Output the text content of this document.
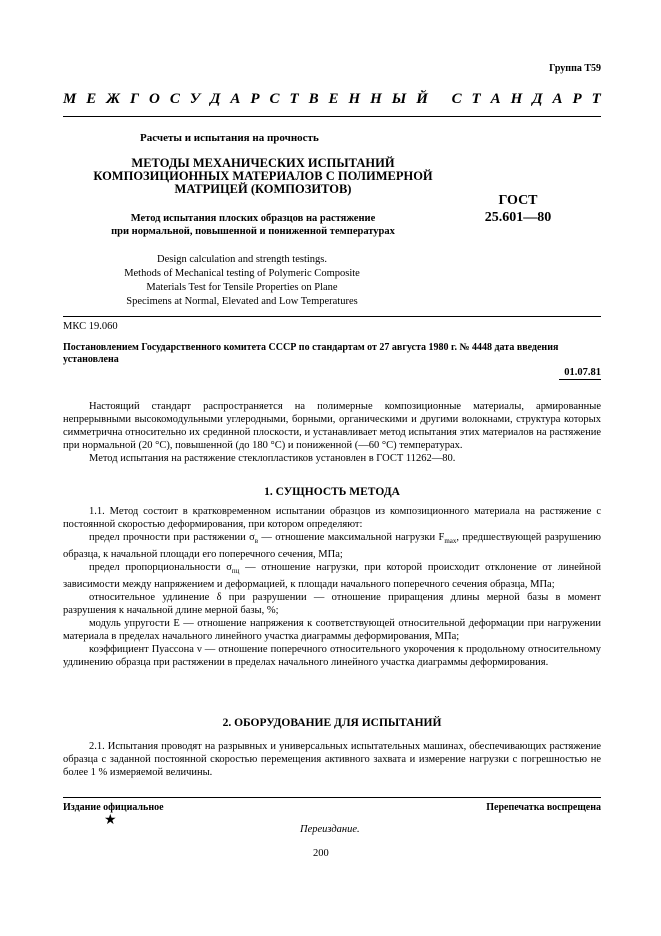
Группа Т59
М Е Ж Г О С У Д А Р С Т В Е Н Н Ы Й
С Т А Н Д А Р Т
Расчеты и испытания на прочность
МЕТОДЫ МЕХАНИЧЕСКИХ ИСПЫТАНИЙ
КОМПОЗИЦИОННЫХ МАТЕРИАЛОВ С ПОЛИМЕРНОЙ
МАТРИЦЕЙ (КОМПОЗИТОВ)
ГОСТ
25.601—80
Метод испытания плоских образцов на растяжение
при нормальной, повышенной и пониженной температурах
Design calculation and strength testings.
Methods of Mechanical testing of Polymeric Composite
Materials Test for Tensile Properties on Plane
Specimens at Normal, Elevated and Low Temperatures
МКС 19.060
Постановлением Государственного комитета СССР по стандартам от 27 августа 1980 г. № 4448 дата введения установлена
01.07.81

Настоящий стандарт распространяется на полимерные композиционные материалы, армированные непрерывными высокомодульными углеродными, борными, органическими и другими волокнами, структура которых симметрична относительно их срединной плоскости, и устанавливает метод испытания этих материалов на растяжение при нормальной (20 °С), повышенной (до 180 °С) и пониженной (—60 °С) температурах.

Метод испытания на растяжение стеклопластиков установлен в ГОСТ 11262—80.

1. СУЩНОСТЬ МЕТОДА

1.1. Метод состоит в кратковременном испытании образцов из композиционного материала на растяжение с постоянной скоростью деформирования, при котором определяют:

предел прочности при растяжении $\sigma_в$ — отношение максимальной нагрузки $F_{max}$, предшествующей разрушению образца, к начальной площади его поперечного сечения, МПа;

предел пропорциональности $\sigma_{пц}$ — отношение нагрузки, при которой происходит отклонение от линейной зависимости между напряжением и деформацией, к площади начального поперечного сечения образца, МПа;

относительное удлинение δ при разрушении — отношение приращения длины мерной базы в момент разрушения к начальной длине мерной базы, %;

модуль упругости E — отношение напряжения к соответствующей относительной деформации при нагружении материала в пределах начального линейного участка диаграммы деформирования, МПа;

коэффициент Пуассона ν — отношение поперечного относительного укорочения к продольному относительному удлинению образца при растяжении в пределах начального линейного участка диаграммы деформирования.

2. ОБОРУДОВАНИЕ ДЛЯ ИСПЫТАНИЙ

2.1. Испытания проводят на разрывных и универсальных испытательных машинах, обеспечивающих растяжение образца с заданной постоянной скоростью перемещения активного захвата и измерение нагрузки с погрешностью не более 1 % измеряемой величины.

Издание официальное	Перепечатка воспрещена
★
Переиздание.
200
